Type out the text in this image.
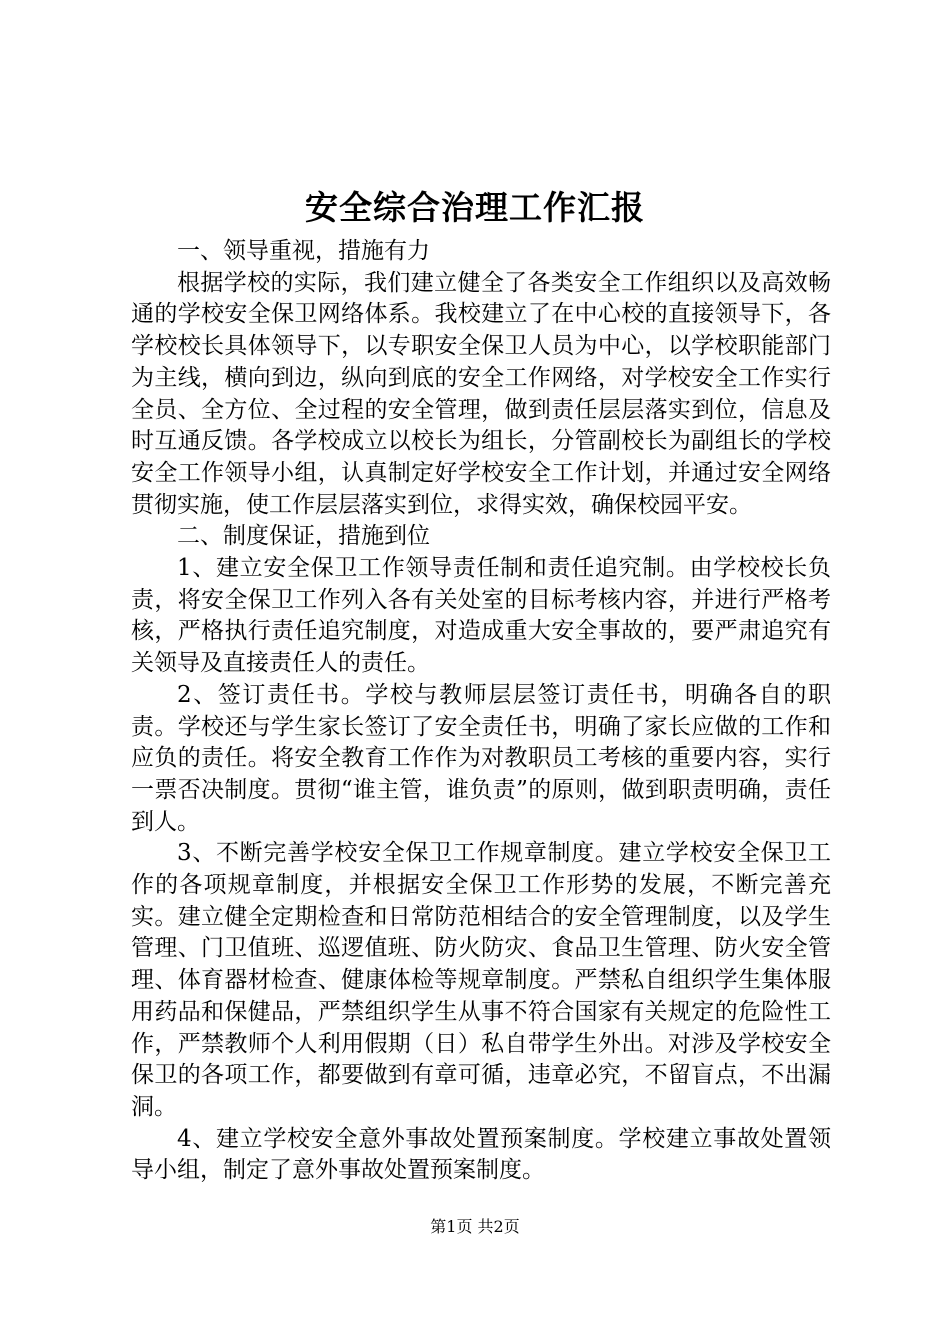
安全综合治理工作汇报

一、领导重视，措施有力

根据学校的实际，我们建立健全了各类安全工作组织以及高效畅通的学校安全保卫网络体系。我校建立了在中心校的直接领导下，各学校校长具体领导下，以专职安全保卫人员为中心，以学校职能部门为主线，横向到边，纵向到底的安全工作网络，对学校安全工作实行全员、全方位、全过程的安全管理，做到责任层层落实到位，信息及时互通反馈。各学校成立以校长为组长，分管副校长为副组长的学校安全工作领导小组，认真制定好学校安全工作计划，并通过安全网络贯彻实施，使工作层层落实到位，求得实效，确保校园平安。

二、制度保证，措施到位

1、建立安全保卫工作领导责任制和责任追究制。由学校校长负责，将安全保卫工作列入各有关处室的目标考核内容，并进行严格考核，严格执行责任追究制度，对造成重大安全事故的，要严肃追究有关领导及直接责任人的责任。

2、签订责任书。学校与教师层层签订责任书，明确各自的职责。学校还与学生家长签订了安全责任书，明确了家长应做的工作和应负的责任。将安全教育工作作为对教职员工考核的重要内容，实行一票否决制度。贯彻“谁主管，谁负责”的原则，做到职责明确，责任到人。

3、不断完善学校安全保卫工作规章制度。建立学校安全保卫工作的各项规章制度，并根据安全保卫工作形势的发展，不断完善充实。建立健全定期检查和日常防范相结合的安全管理制度，以及学生管理、门卫值班、巡逻值班、防火防灾、食品卫生管理、防火安全管理、体育器材检查、健康体检等规章制度。严禁私自组织学生集体服用药品和保健品，严禁组织学生从事不符合国家有关规定的危险性工作，严禁教师个人利用假期（日）私自带学生外出。对涉及学校安全保卫的各项工作，都要做到有章可循，违章必究，不留盲点，不出漏洞。

4、建立学校安全意外事故处置预案制度。学校建立事故处置领导小组，制定了意外事故处置预案制度。

第1页 共2页
